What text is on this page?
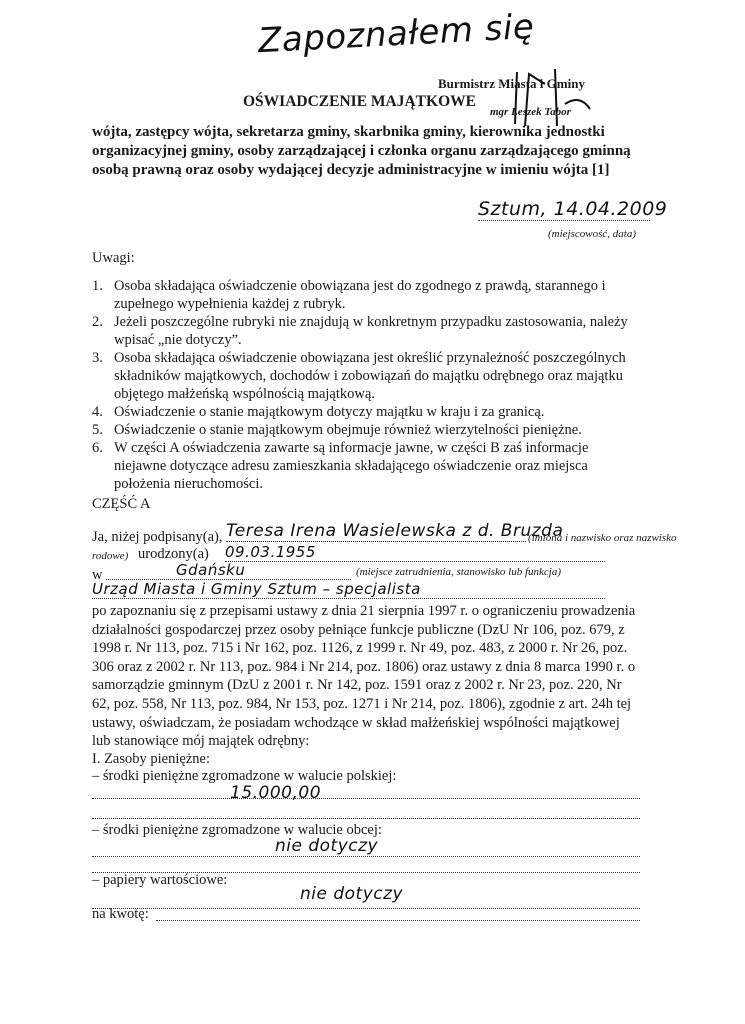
Zapoznałem się
Burmistrz Miasta i Gminy
mgr Leszek Tabor
OŚWIADCZENIE MAJĄTKOWE
wójta, zastępcy wójta, sekretarza gminy, skarbnika gminy, kierownika jednostki
organizacyjnej gminy, osoby zarządzającej i członka organu zarządzającego gminną
osobą prawną oraz osoby wydającej decyzje administracyjne w imieniu wójta [1]
Sztum, 14.04.2009
(miejscowość, data)
Uwagi:
1. Osoba składająca oświadczenie obowiązana jest do zgodnego z prawdą, starannego i
zupełnego wypełnienia każdej z rubryk.
2. Jeżeli poszczególne rubryki nie znajdują w konkretnym przypadku zastosowania, należy
wpisać „nie dotyczy”.
3. Osoba składająca oświadczenie obowiązana jest określić przynależność poszczególnych
składników majątkowych, dochodów i zobowiązań do majątku odrębnego oraz majątku
objętego małżeńską wspólnością majątkową.
4. Oświadczenie o stanie majątkowym dotyczy majątku w kraju i za granicą.
5. Oświadczenie o stanie majątkowym obejmuje również wierzytelności pieniężne.
6. W części A oświadczenia zawarte są informacje jawne, w części B zaś informacje
niejawne dotyczące adresu zamieszkania składającego oświadczenie oraz miejsca
położenia nieruchomości.
CZĘŚĆ A
Ja, niżej podpisany(a), Teresa Irena Wasielewska z d. Bruzda
(imiona i nazwisko oraz nazwisko
rodowe) urodzony(a) 09.03.1955
w	Gdańsku	(miejsce zatrudnienia, stanowisko lub funkcja)
Urząd Miasta i Gminy Sztum – specjalista
po zapoznaniu się z przepisami ustawy z dnia 21 sierpnia 1997 r. o ograniczeniu prowadzenia
działalności gospodarczej przez osoby pełniące funkcje publiczne (DzU Nr 106, poz. 679, z
1998 r. Nr 113, poz. 715 i Nr 162, poz. 1126, z 1999 r. Nr 49, poz. 483, z 2000 r. Nr 26, poz.
306 oraz z 2002 r. Nr 113, poz. 984 i Nr 214, poz. 1806) oraz ustawy z dnia 8 marca 1990 r. o
samorządzie gminnym (DzU z 2001 r. Nr 142, poz. 1591 oraz z 2002 r. Nr 23, poz. 220, Nr
62, poz. 558, Nr 113, poz. 984, Nr 153, poz. 1271 i Nr 214, poz. 1806), zgodnie z art. 24h tej
ustawy, oświadczam, że posiadam wchodzące w skład małżeńskiej wspólności majątkowej
lub stanowiące mój majątek odrębny:
I. Zasoby pieniężne:
– środki pieniężne zgromadzone w walucie polskiej:
15.000,00
– środki pieniężne zgromadzone w walucie obcej:
nie dotyczy
– papiery wartościowe:
nie dotyczy
na kwotę:
